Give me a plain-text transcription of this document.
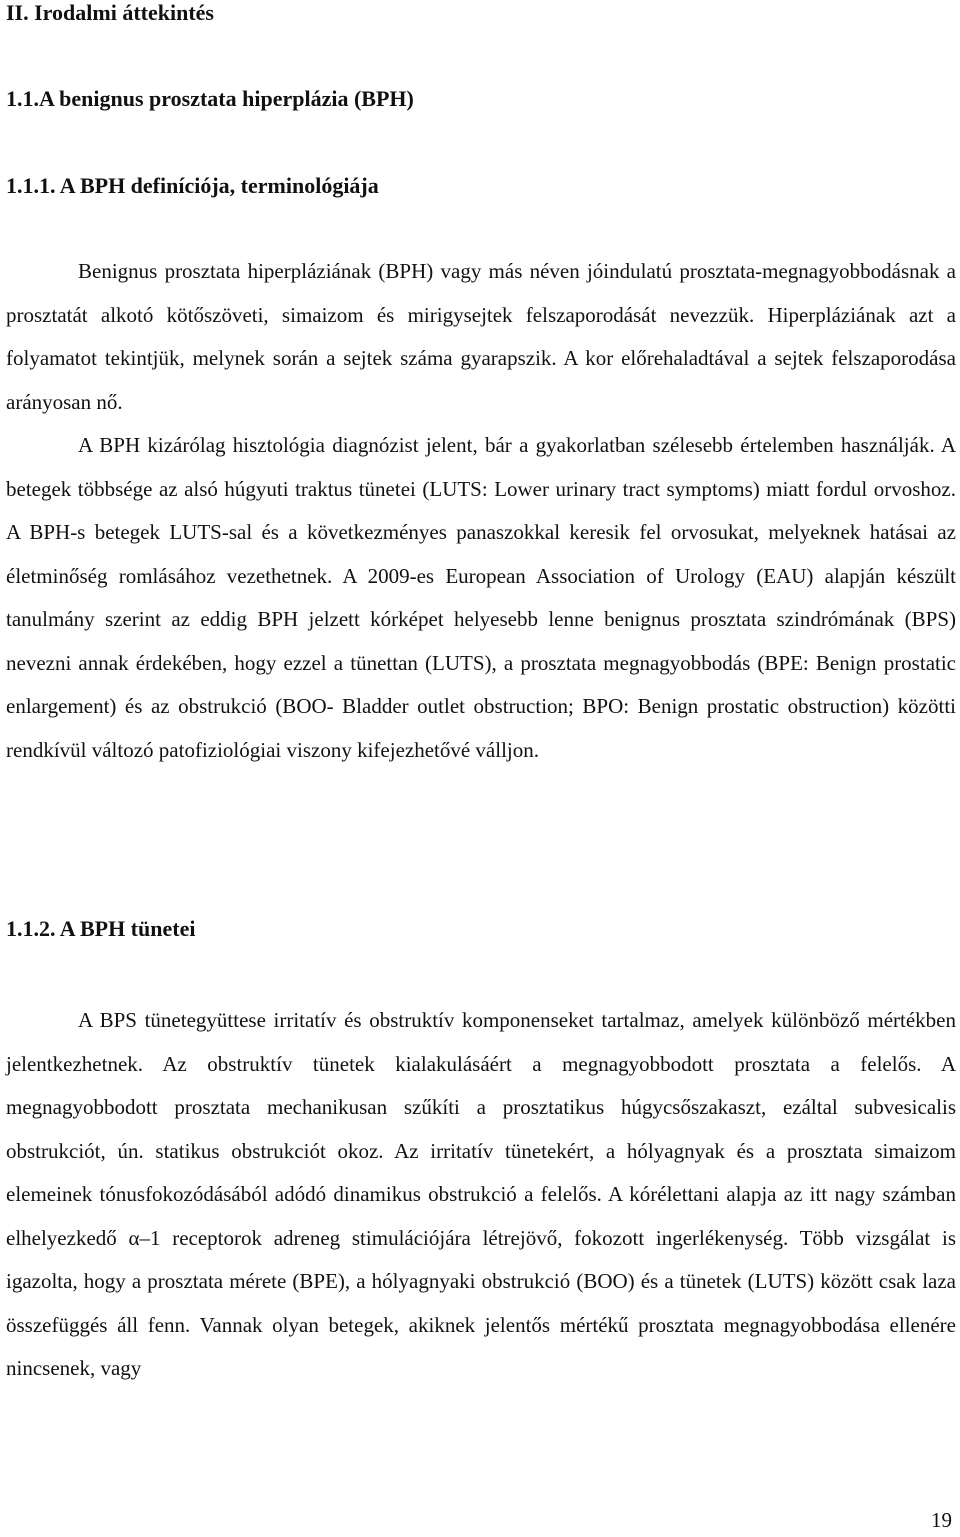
II. Irodalmi áttekintés
1.1.A benignus prosztata hiperplázia (BPH)
1.1.1. A BPH definíciója, terminológiája

Benignus prosztata hiperpláziának (BPH) vagy más néven jóindulatú prosztata-megnagyobbodásnak a prosztatát alkotó kötőszöveti, simaizom és mirigysejtek felszaporodását nevezzük. Hiperpláziának azt a folyamatot tekintjük, melynek során a sejtek száma gyarapszik. A kor előrehaladtával a sejtek felszaporodása arányosan nő.

A BPH kizárólag hisztológia diagnózist jelent, bár a gyakorlatban szélesebb értelemben használják. A betegek többsége az alsó húgyuti traktus tünetei (LUTS: Lower urinary tract symptoms) miatt fordul orvoshoz. A BPH-s betegek LUTS-sal és a következményes panaszokkal keresik fel orvosukat, melyeknek hatásai az életminőség romlásához vezethetnek. A 2009-es European Association of Urology (EAU) alapján készült tanulmány szerint az eddig BPH jelzett kórképet helyesebb lenne benignus prosztata szindrómának (BPS) nevezni annak érdekében, hogy ezzel a tünettan (LUTS), a prosztata megnagyobbodás (BPE: Benign prostatic enlargement) és az obstrukció (BOO- Bladder outlet obstruction; BPO: Benign prostatic obstruction) közötti rendkívül változó patofiziológiai viszony kifejezhetővé válljon.

1.1.2. A BPH tünetei

A BPS tünetegyüttese irritatív és obstruktív komponenseket tartalmaz, amelyek különböző mértékben jelentkezhetnek. Az obstruktív tünetek kialakulásáért a megnagyobbodott prosztata a felelős. A megnagyobbodott prosztata mechanikusan szűkíti a prosztatikus húgycsőszakaszt, ezáltal subvesicalis obstrukciót, ún. statikus obstrukciót okoz. Az irritatív tünetekért, a hólyagnyak és a prosztata simaizom elemeinek tónusfokozódásából adódó dinamikus obstrukció a felelős. A kórélettani alapja az itt nagy számban elhelyezkedő α–1 receptorok adreneg stimulációjára létrejövő, fokozott ingerlékenység. Több vizsgálat is igazolta, hogy a prosztata mérete (BPE), a hólyagnyaki obstrukció (BOO) és a tünetek (LUTS) között csak laza összefüggés áll fenn. Vannak olyan betegek, akiknek jelentős mértékű prosztata megnagyobbodása ellenére nincsenek, vagy

19
